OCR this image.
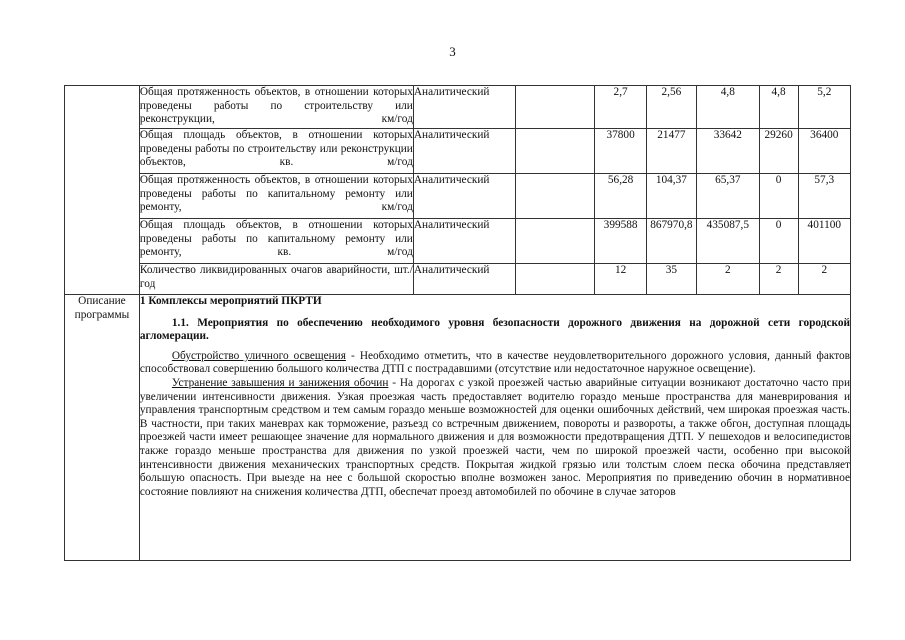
3
	Общая протяженность объектов, в отношении которых проведены работы по строительству или реконструкции, км/год	Аналитический		2,7	2,56	4,8	4,8	5,2
	Общая площадь объектов, в отношении которых проведены работы по строительству или реконструкции объектов, кв. м/год	Аналитический		37800	21477	33642	29260	36400
	Общая протяженность объектов, в отношении которых проведены работы по капитальному ремонту или ремонту, км/год	Аналитический		56,28	104,37	65,37	0	57,3
	Общая площадь объектов, в отношении которых проведены работы по капитальному ремонту или ремонту, кв. м/год	Аналитический		399588	867970,8	435087,5	0	401100
	Количество ликвидированных очагов аварийности, шт./год	Аналитический		12	35	2	2	2
Описание программы	1 Комплексы мероприятий ПКРТИ
1.1. Мероприятия по обеспечению необходимого уровня безопасности дорожного движения на дорожной сети городской агломерации.
Обустройство уличного освещения - Необходимо отметить, что в качестве неудовлетворительного дорожного условия, данный фактов способствовал совершению большого количества ДТП с пострадавшими (отсутствие или недостаточное наружное освещение).
Устранение завышения и занижения обочин - На дорогах с узкой проезжей частью аварийные ситуации возникают достаточно часто при увеличении интенсивности движения. Узкая проезжая часть предоставляет водителю гораздо меньше пространства для маневрирования и управления транспортным средством и тем самым гораздо меньше возможностей для оценки ошибочных действий, чем широкая проезжая часть. В частности, при таких маневрах как торможение, разъезд со встречным движением, повороты и развороты, а также обгон, доступная площадь проезжей части имеет решающее значение для нормального движения и для возможности предотвращения ДТП. У пешеходов и велосипедистов также гораздо меньше пространства для движения по узкой проезжей части, чем по широкой проезжей части, особенно при высокой интенсивности движения механических транспортных средств. Покрытая жидкой грязью или толстым слоем песка обочина представляет большую опасность. При выезде на нее с большой скоростью вполне возможен занос. Мероприятия по приведению обочин в нормативное состояние повлияют на снижения количества ДТП, обеспечат проезд автомобилей по обочине в случае заторов							
